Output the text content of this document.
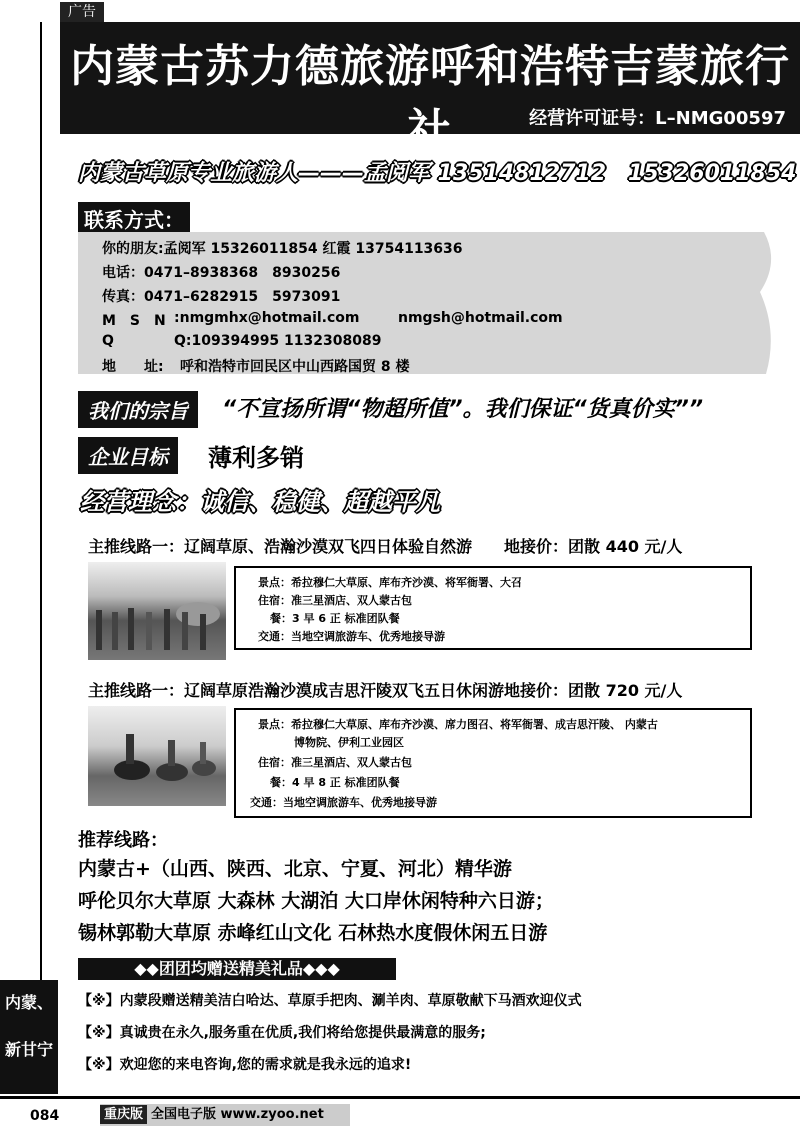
广告
内蒙古苏力德旅游呼和浩特吉蒙旅行社	经营许可证号：L–NMG00597
内蒙古草原专业旅游人———孟阅军 13514812712　15326011854
联系方式：
你的朋友:孟阅军 15326011854 红霞 13754113636
电话：0471–8938368　8930256
传真：0471–6282915　5973091
M　S　N :nmgmhx@hotmail.com	nmgsh@hotmail.com
Q	Q:109394995 1132308089
地　　址: 呼和浩特市回民区中山西路国贸 8 楼
我们的宗旨	“不宣扬所谓“物超所值”。我们保证“货真价实””
企业目标	薄利多销
经营理念：诚信、稳健、超越平凡
主推线路一：辽阔草原、浩瀚沙漠双飞四日体验自然游　　地接价：团散 440 元/人
景点：希拉穆仁大草原、库布齐沙漠、将军衙署、大召
住宿：准三星酒店、双人蒙古包
餐：3 早 6 正 标准团队餐
交通：当地空调旅游车、优秀地接导游
主推线路一：辽阔草原浩瀚沙漠成吉思汗陵双飞五日休闲游地接价：团散 720 元/人
景点：希拉穆仁大草原、库布齐沙漠、席力图召、将军衙署、成吉思汗陵、 内蒙古
博物院、伊利工业园区
住宿：准三星酒店、双人蒙古包
餐：4 早 8 正 标准团队餐
交通：当地空调旅游车、优秀地接导游
推荐线路：
内蒙古+（山西、陕西、北京、宁夏、河北）精华游
呼伦贝尔大草原 大森林 大湖泊 大口岸休闲特种六日游；
锡林郭勒大草原 赤峰红山文化 石林热水度假休闲五日游
◆◆团团均赠送精美礼品◆◆◆
【※】内蒙段赠送精美洁白哈达、草原手把肉、涮羊肉、草原敬献下马酒欢迎仪式
【※】真诚贵在永久,服务重在优质,我们将给您提供最满意的服务;
【※】欢迎您的来电咨询,您的需求就是我永远的追求!
内蒙、
新甘宁
084	重庆版 全国电子版 www.zyoo.net
